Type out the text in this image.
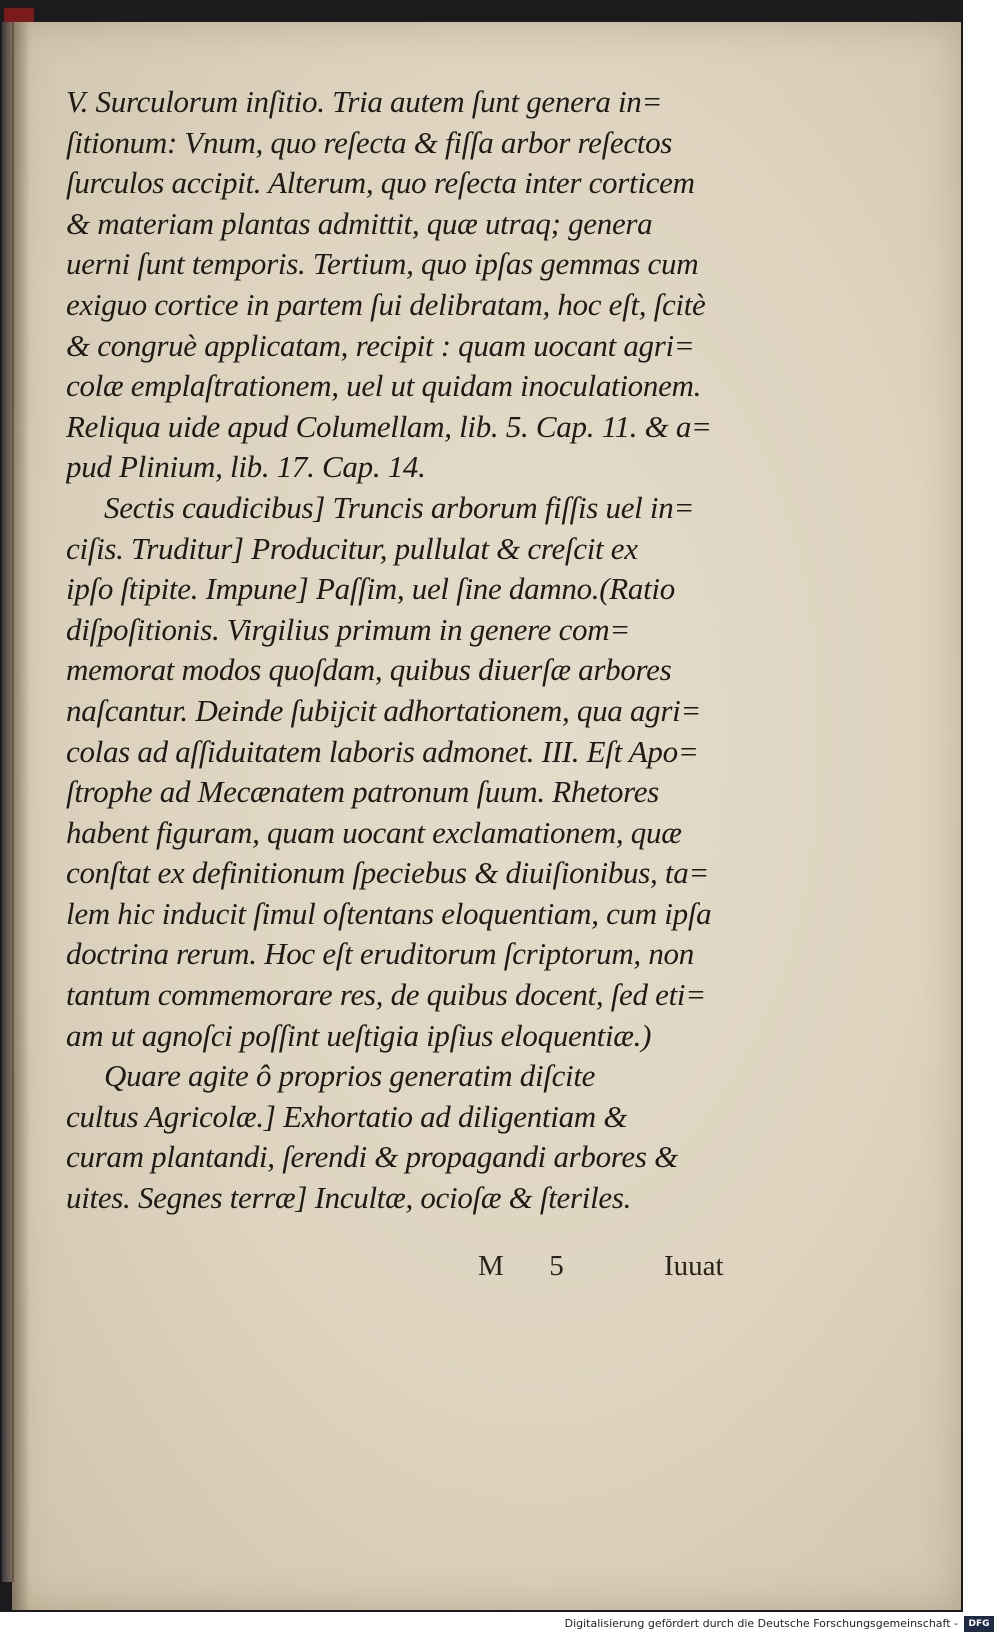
V. Surculorum inſitio. Tria autem ſunt genera in=
ſitionum: Vnum, quo reſecta & fiſſa arbor reſectos
ſurculos accipit. Alterum, quo reſecta inter corticem
& materiam plantas admittit, quæ utraq; genera
uerni ſunt temporis. Tertium, quo ipſas gemmas cum
exiguo cortice in partem ſui delibratam, hoc eſt, ſcitè
& congruè applicatam, recipit : quam uocant agri=
colæ emplaſtrationem, uel ut quidam inoculationem.
Reliqua uide apud Columellam, lib. 5. Cap. 11. & a=
pud Plinium, lib. 17. Cap. 14.
Sectis caudicibus] Truncis arborum fiſſis uel in=
ciſis. Truditur] Producitur, pullulat & creſcit ex
ipſo ſtipite. Impune] Paſſim, uel ſine damno.(Ratio
diſpoſitionis. Virgilius primum in genere com=
memorat modos quoſdam, quibus diuerſæ arbores
naſcantur. Deinde ſubijcit adhortationem, qua agri=
colas ad aſſiduitatem laboris admonet. III. Eſt Apo=
ſtrophe ad Mecænatem patronum ſuum. Rhetores
habent figuram, quam uocant exclamationem, quæ
conſtat ex definitionum ſpeciebus & diuiſionibus, ta=
lem hic inducit ſimul oſtentans eloquentiam, cum ipſa
doctrina rerum. Hoc eſt eruditorum ſcriptorum, non
tantum commemorare res, de quibus docent, ſed eti=
am ut agnoſci poſſint ueſtigia ipſius eloquentiæ.)
Quare agite ô proprios generatim diſcite
cultus Agricolæ.] Exhortatio ad diligentiam &
curam plantandi, ſerendi & propagandi arbores &
uites. Segnes terræ] Incultæ, ocioſæ & ſteriles.
M 5	Iuuat
Digitalisierung gefördert durch die Deutsche Forschungsgemeinschaft -	DFG
